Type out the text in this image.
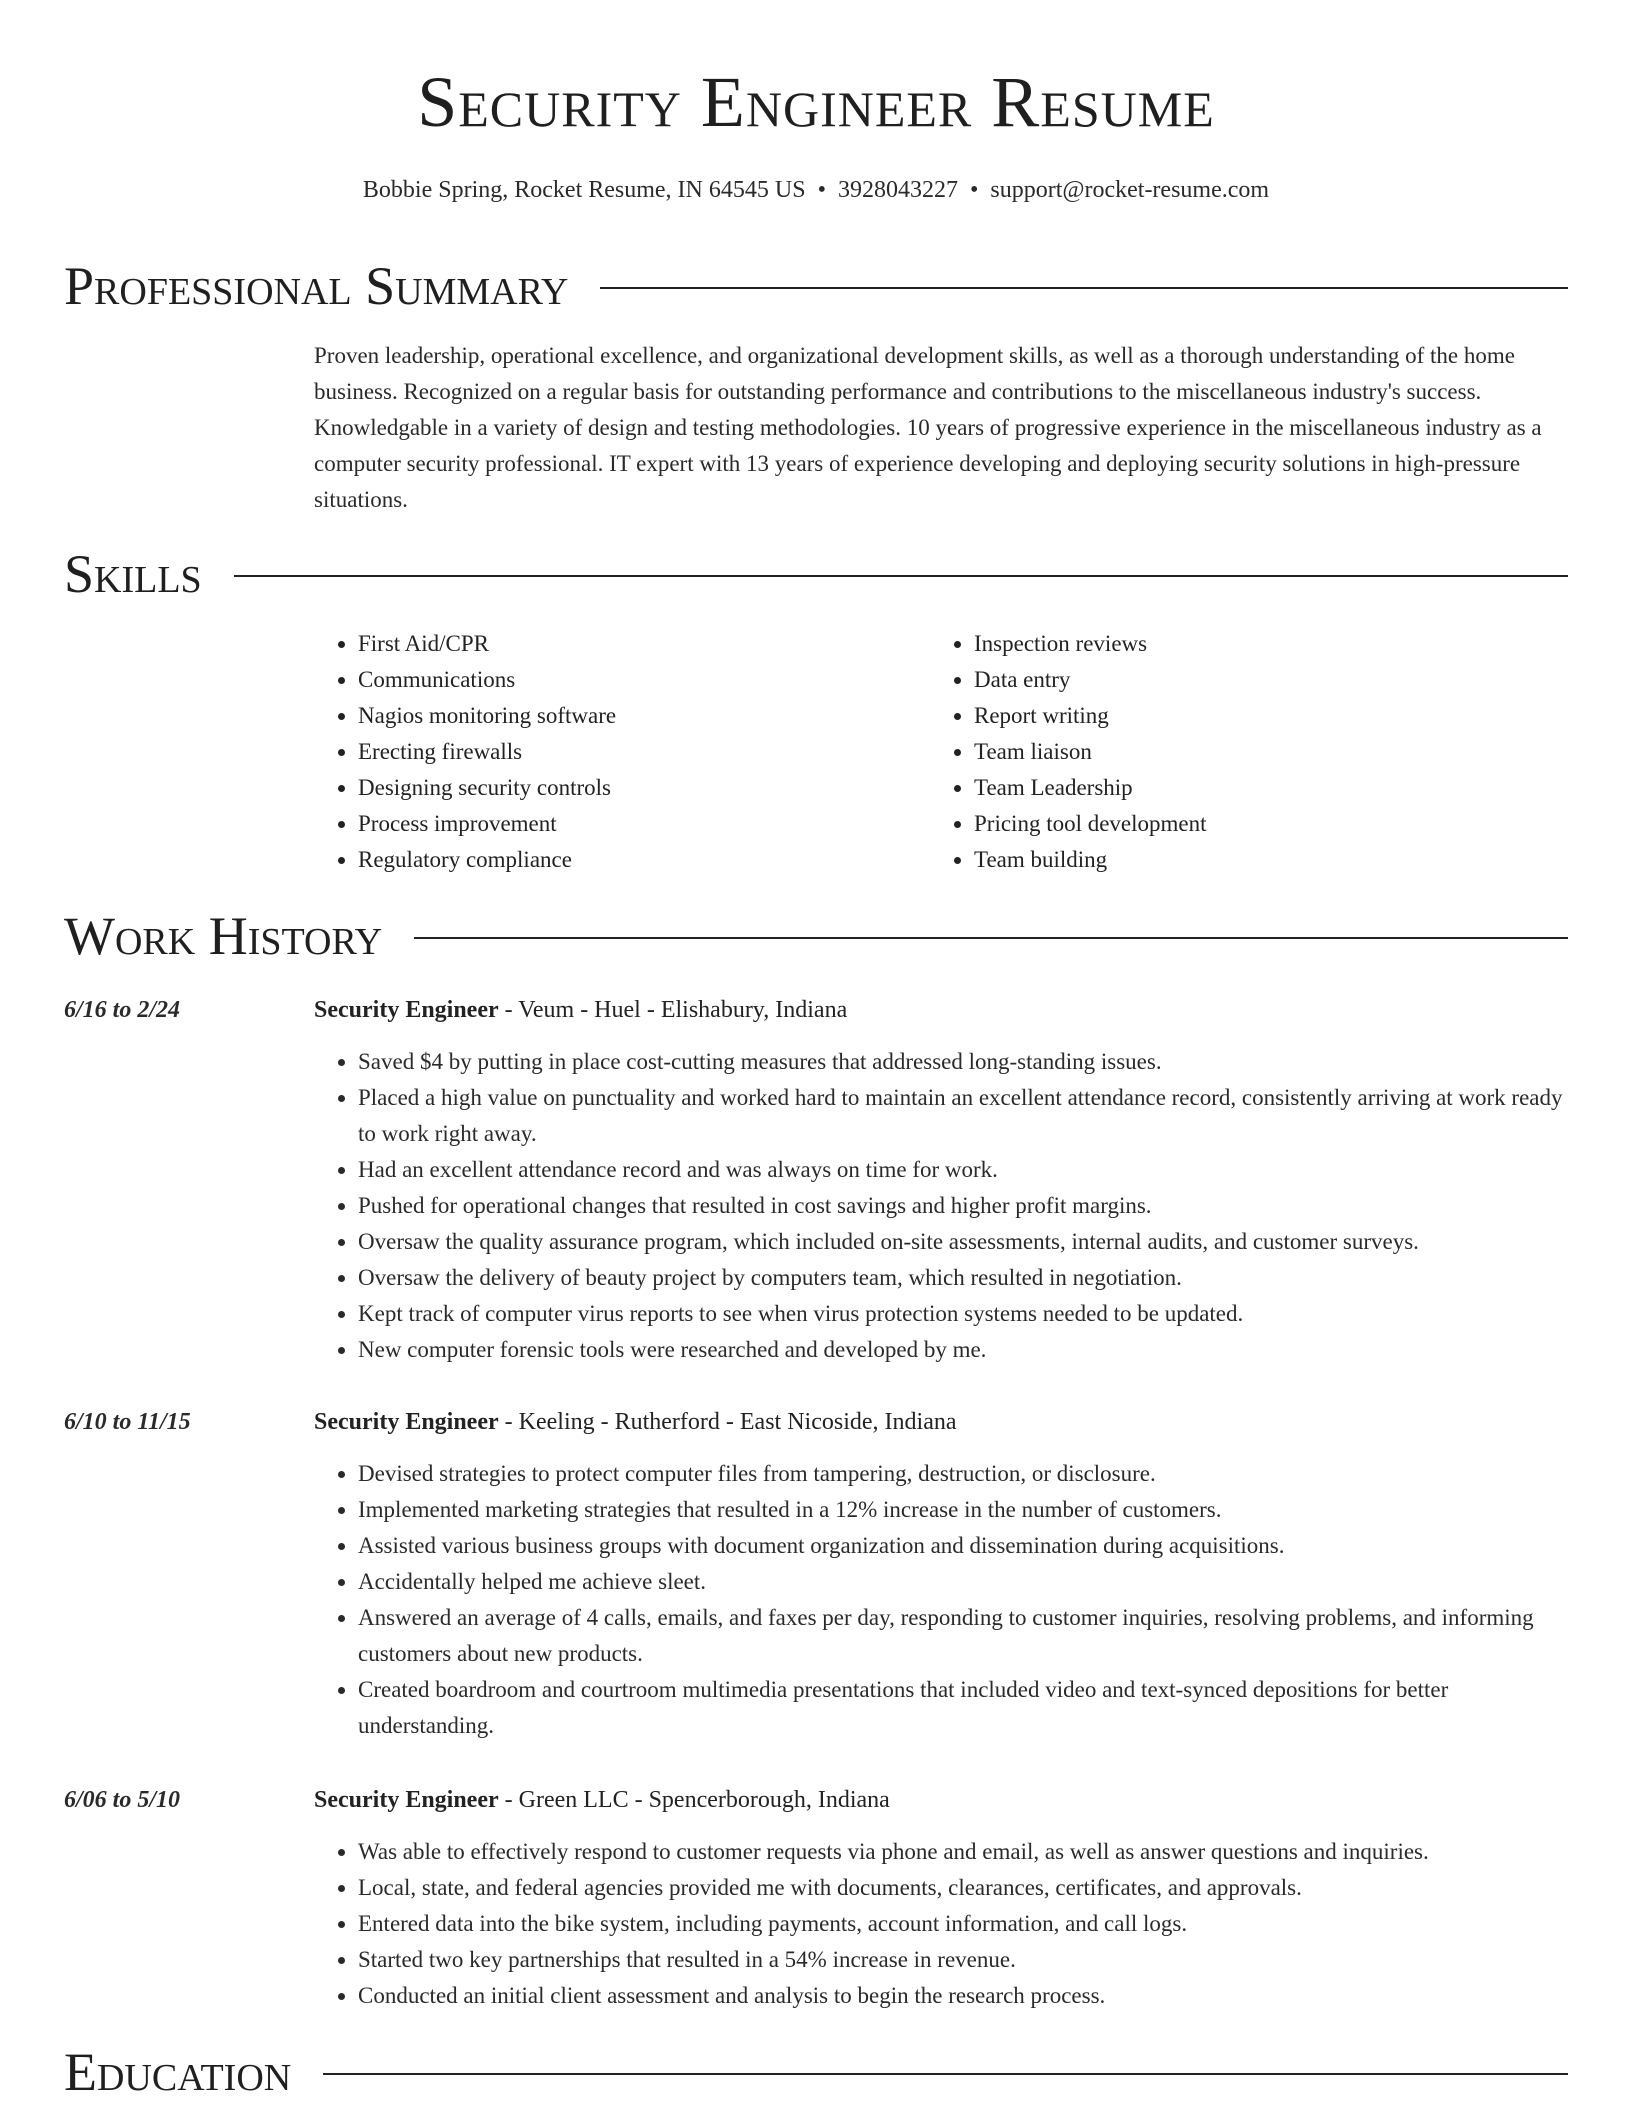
Security Engineer Resume
Bobbie Spring, Rocket Resume, IN 64545 US • 3928043227 • support@rocket-resume.com
Professional Summary

Proven leadership, operational excellence, and organizational development skills, as well as a thorough understanding of the home business. Recognized on a regular basis for outstanding performance and contributions to the miscellaneous industry's success. Knowledgable in a variety of design and testing methodologies. 10 years of progressive experience in the miscellaneous industry as a computer security professional. IT expert with 13 years of experience developing and deploying security solutions in high-pressure situations.

Skills
• First Aid/CPR
• Communications
• Nagios monitoring software
• Erecting firewalls
• Designing security controls
• Process improvement
• Regulatory compliance
• Inspection reviews
• Data entry
• Report writing
• Team liaison
• Team Leadership
• Pricing tool development
• Team building
Work History
6/16 to 2/24	Security Engineer - Veum - Huel - Elishabury, Indiana
• Saved $4 by putting in place cost-cutting measures that addressed long-standing issues.
• Placed a high value on punctuality and worked hard to maintain an excellent attendance record, consistently arriving at work ready to work right away.
• Had an excellent attendance record and was always on time for work.
• Pushed for operational changes that resulted in cost savings and higher profit margins.
• Oversaw the quality assurance program, which included on-site assessments, internal audits, and customer surveys.
• Oversaw the delivery of beauty project by computers team, which resulted in negotiation.
• Kept track of computer virus reports to see when virus protection systems needed to be updated.
• New computer forensic tools were researched and developed by me.
6/10 to 11/15	Security Engineer - Keeling - Rutherford - East Nicoside, Indiana
• Devised strategies to protect computer files from tampering, destruction, or disclosure.
• Implemented marketing strategies that resulted in a 12% increase in the number of customers.
• Assisted various business groups with document organization and dissemination during acquisitions.
• Accidentally helped me achieve sleet.
• Answered an average of 4 calls, emails, and faxes per day, responding to customer inquiries, resolving problems, and informing customers about new products.
• Created boardroom and courtroom multimedia presentations that included video and text-synced depositions for better understanding.
6/06 to 5/10	Security Engineer - Green LLC - Spencerborough, Indiana
• Was able to effectively respond to customer requests via phone and email, as well as answer questions and inquiries.
• Local, state, and federal agencies provided me with documents, clearances, certificates, and approvals.
• Entered data into the bike system, including payments, account information, and call logs.
• Started two key partnerships that resulted in a 54% increase in revenue.
• Conducted an initial client assessment and analysis to begin the research process.
Education
